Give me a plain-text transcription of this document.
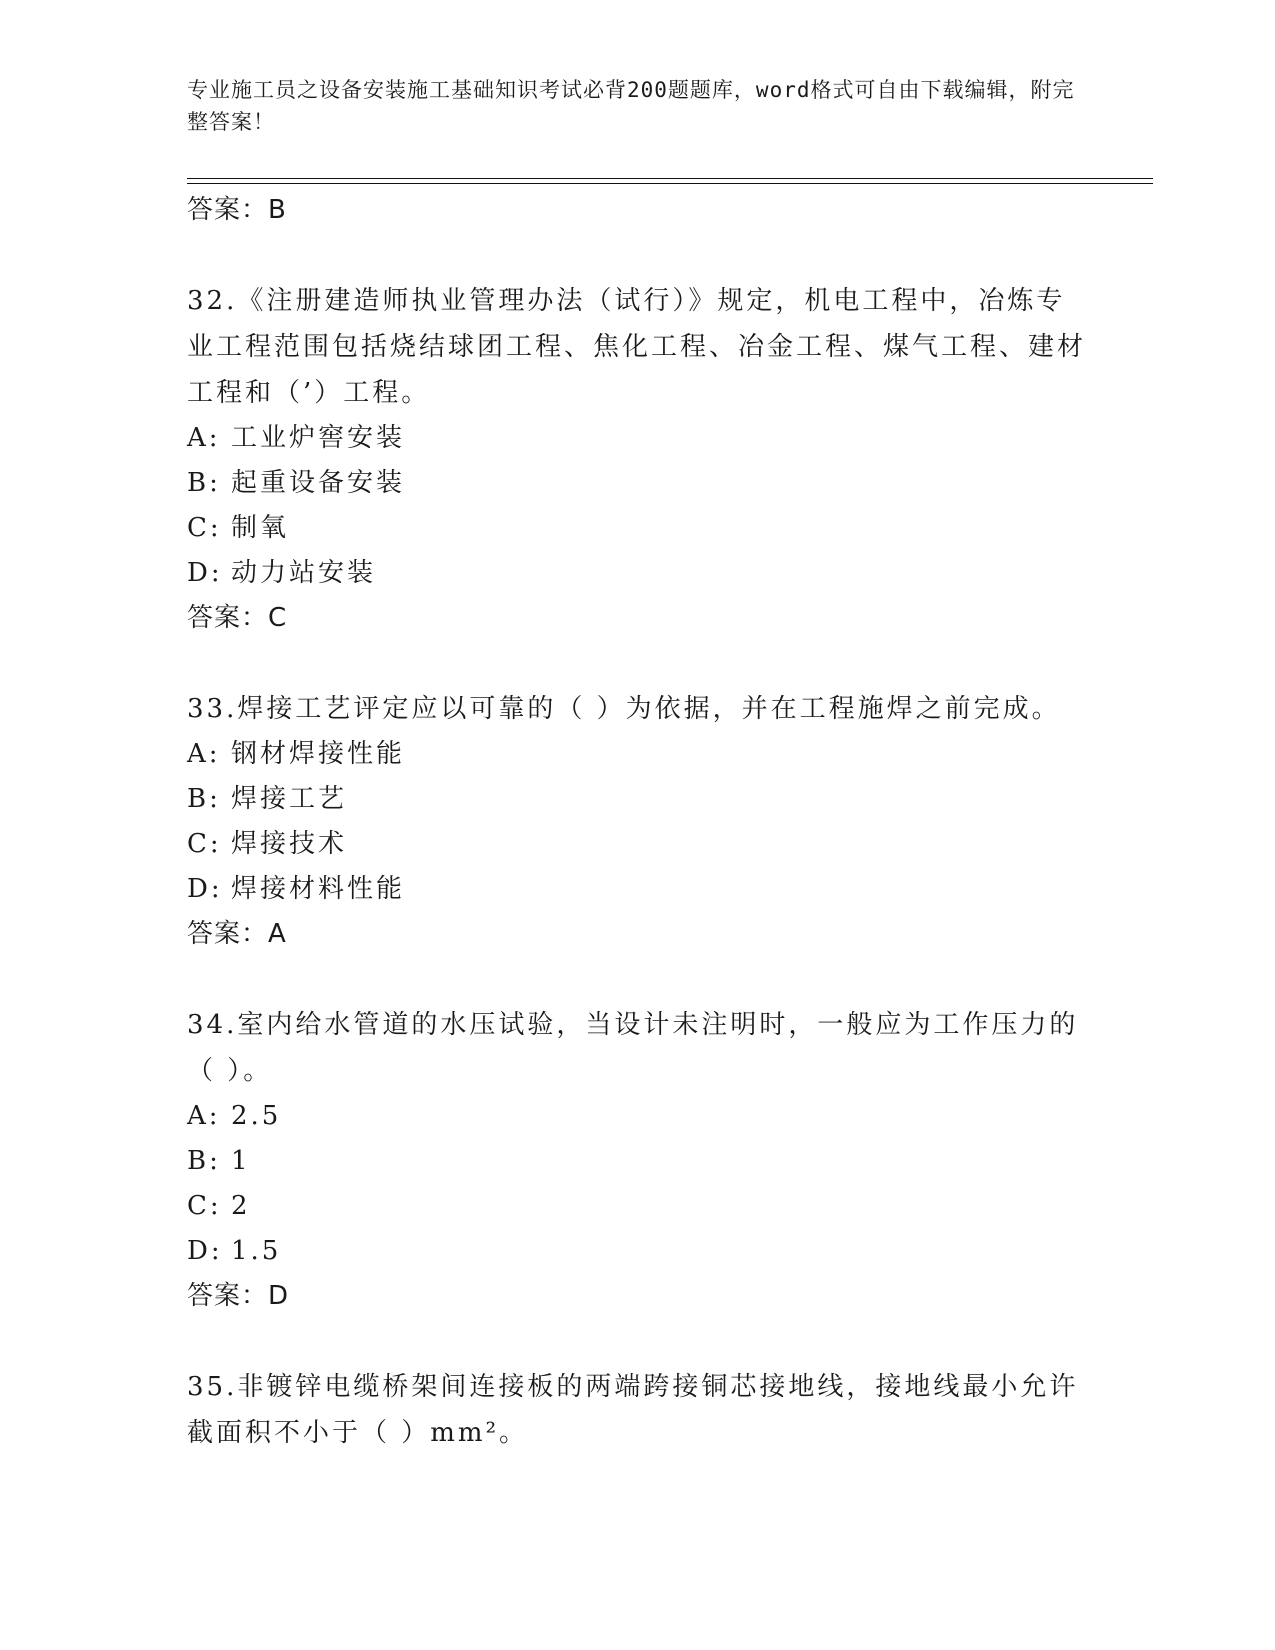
专业施工员之设备安装施工基础知识考试必背200题题库，word格式可自由下载编辑，附完整答案！
答案：B

32.《注册建造师执业管理办法（试行）》规定，机电工程中，冶炼专业工程范围包括烧结球团工程、焦化工程、冶金工程、煤气工程、建材工程和（’）工程。

A: 工业炉窖安装
B: 起重设备安装
C: 制氧
D: 动力站安装
答案：C

33.焊接工艺评定应以可靠的（ ）为依据，并在工程施焊之前完成。

A: 钢材焊接性能
B: 焊接工艺
C: 焊接技术
D: 焊接材料性能
答案：A

34.室内给水管道的水压试验，当设计未注明时，一般应为工作压力的（ ）。

A: 2.5
B: 1
C: 2
D: 1.5
答案：D

35.非镀锌电缆桥架间连接板的两端跨接铜芯接地线，接地线最小允许截面积不小于（ ）mm²。
